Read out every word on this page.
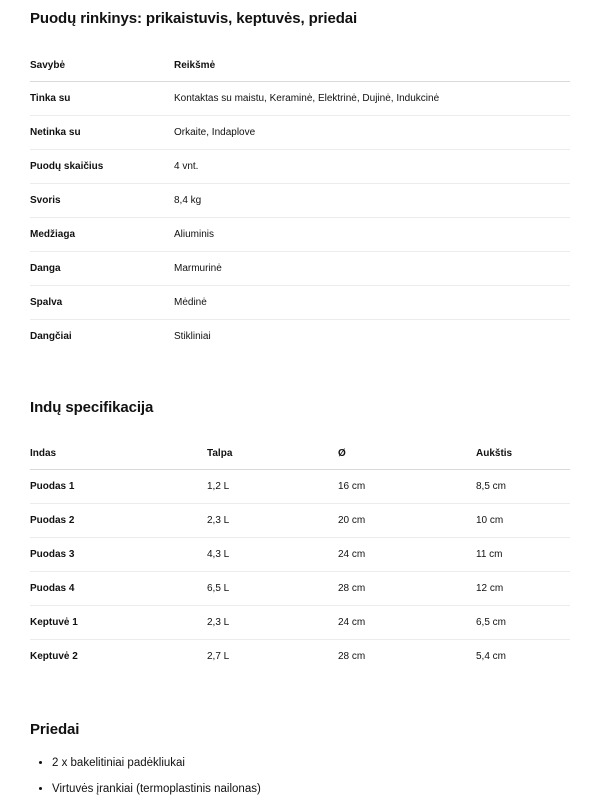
Puodų rinkinys: prikaistuvis, keptuvės, priedai
Savybė	Reikšmė
Tinka su	Kontaktas su maistu, Keraminė, Elektrinė, Dujinė, Indukcinė
Netinka su	Orkaite, Indaplove
Puodų skaičius	4 vnt.
Svoris	8,4 kg
Medžiaga	Aliuminis
Danga	Marmurinė
Spalva	Mėdinė
Dangčiai	Stikliniai
Indų specifikacija
Indas	Talpa	Ø	Aukštis
Puodas 1	1,2 L	16 cm	8,5 cm
Puodas 2	2,3 L	20 cm	10 cm
Puodas 3	4,3 L	24 cm	11 cm
Puodas 4	6,5 L	28 cm	12 cm
Keptuvė 1	2,3 L	24 cm	6,5 cm
Keptuvė 2	2,7 L	28 cm	5,4 cm
Priedai
• 2 x bakelitiniai padėkliukai
• Virtuvės įrankiai (termoplastinis nailonas)
